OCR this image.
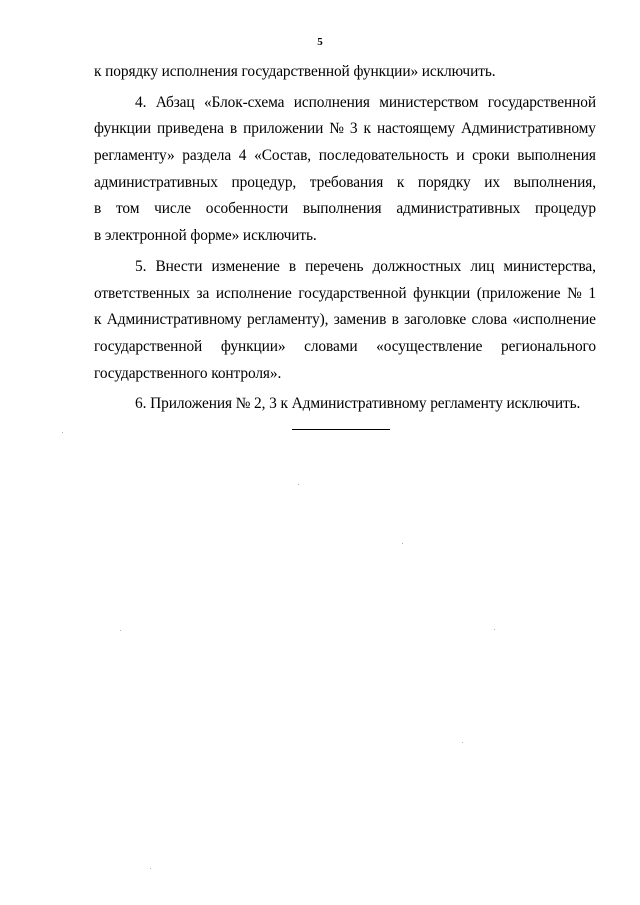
5
к порядку исполнения государственной функции» исключить.
4. Абзац «Блок-схема исполнения министерством государственной
функции приведена в приложении № 3 к настоящему Административному
регламенту» раздела 4 «Состав, последовательность и сроки выполнения
административных процедур, требования к порядку их выполнения,
в том числе особенности выполнения административных процедур
в электронной форме» исключить.
5. Внести изменение в перечень должностных лиц министерства,
ответственных за исполнение государственной функции (приложение № 1
к Административному регламенту), заменив в заголовке слова «исполнение
государственной функции» словами «осуществление регионального
государственного контроля».
6. Приложения № 2, 3 к Административному регламенту исключить.
